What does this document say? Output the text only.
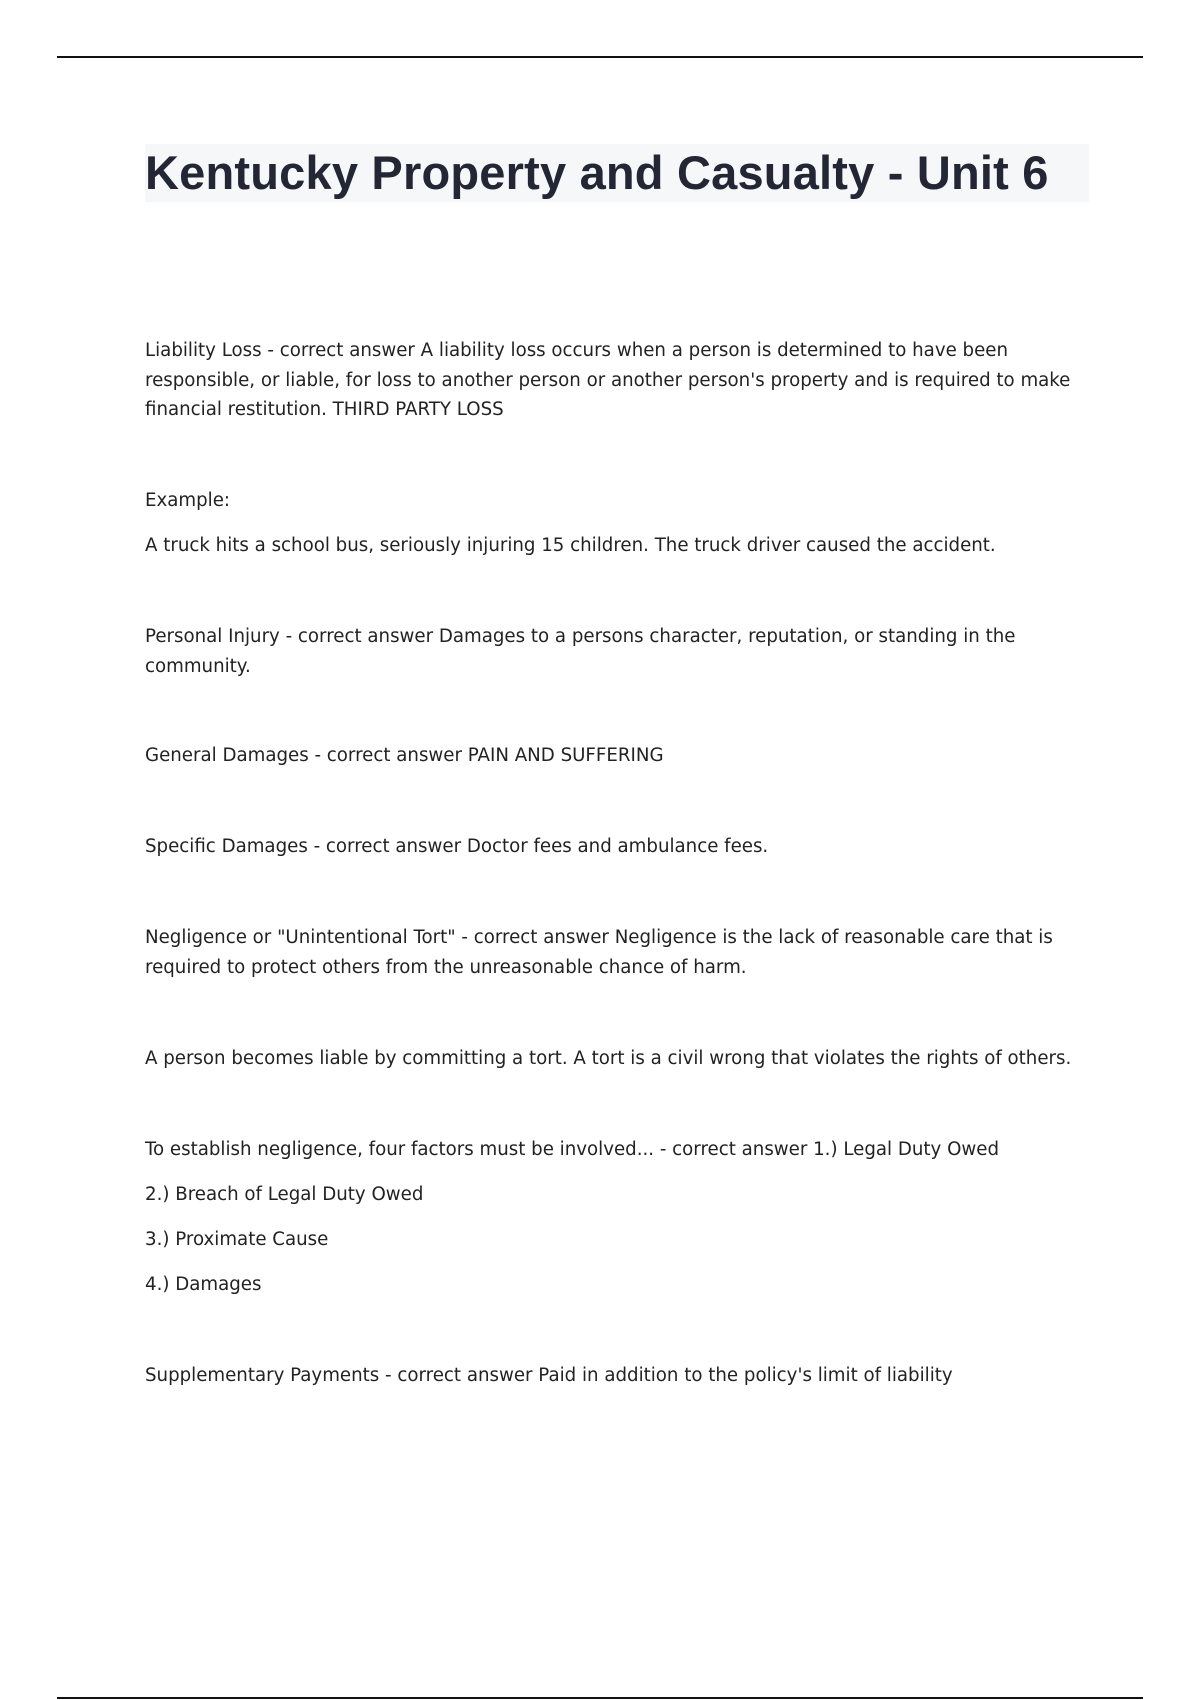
Kentucky Property and Casualty - Unit 6

Liability Loss - correct answer A liability loss occurs when a person is determined to have been responsible, or liable, for loss to another person or another person's property and is required to make financial restitution. THIRD PARTY LOSS

Example:

A truck hits a school bus, seriously injuring 15 children. The truck driver caused the accident.

Personal Injury - correct answer Damages to a persons character, reputation, or standing in the community.

General Damages - correct answer PAIN AND SUFFERING

Specific Damages - correct answer Doctor fees and ambulance fees.

Negligence or "Unintentional Tort" - correct answer Negligence is the lack of reasonable care that is required to protect others from the unreasonable chance of harm.

A person becomes liable by committing a tort. A tort is a civil wrong that violates the rights of others.

To establish negligence, four factors must be involved... - correct answer 1.) Legal Duty Owed

2.) Breach of Legal Duty Owed

3.) Proximate Cause

4.) Damages

Supplementary Payments - correct answer Paid in addition to the policy's limit of liability
